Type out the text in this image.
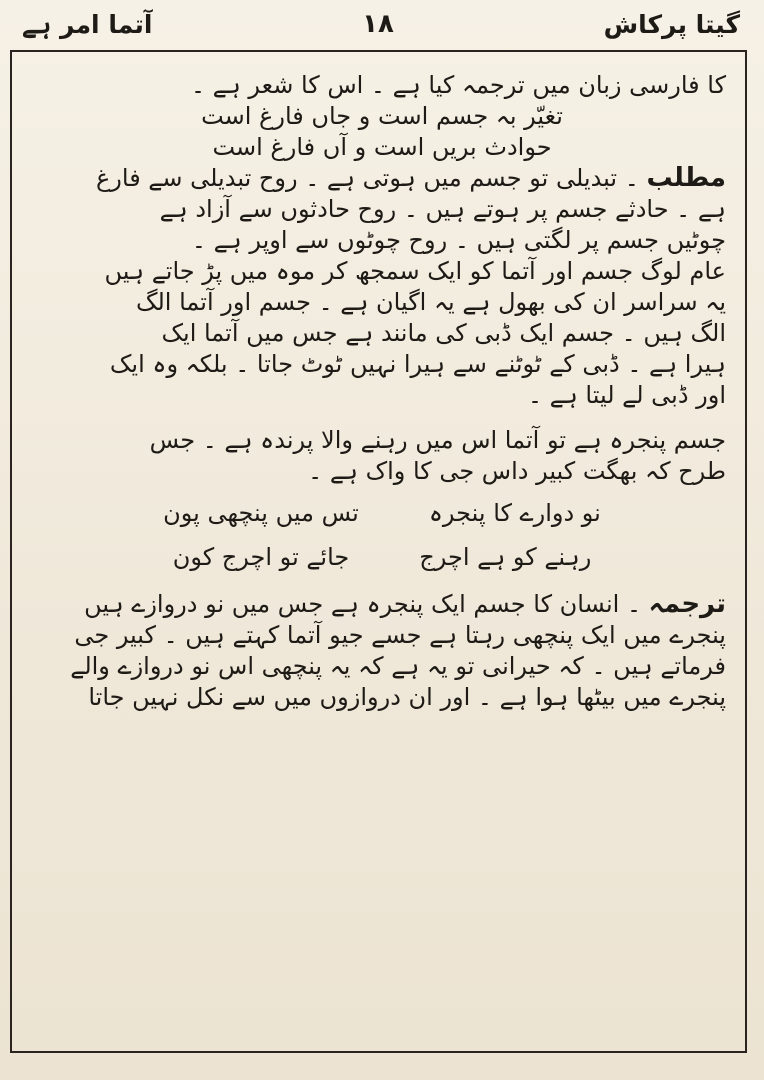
گیتا پرکاش
۱۸
آتما امر ہے

کا فارسی زبان میں ترجمہ کیا ہے ۔ اس کا شعر ہے ۔

تغیّر بہ جسم است و جاں فارغ است

حوادث بریں است و آں فارغ است

مطلب ۔ تبدیلی تو جسم میں ہوتی ہے ۔ روح تبدیلی سے فارغ

ہے ۔ حادثے جسم پر ہوتے ہیں ۔ روح حادثوں سے آزاد ہے

چوٹیں جسم پر لگتی ہیں ۔ روح چوٹوں سے اوپر ہے ۔

عام لوگ جسم اور آتما کو ایک سمجھ کر موہ میں پڑ جاتے ہیں

یہ سراسر ان کی بھول ہے یہ اگیان ہے ۔ جسم اور آتما الگ

الگ ہیں ۔ جسم ایک ڈبی کی مانند ہے جس میں آتما ایک

ہیرا ہے ۔ ڈبی کے ٹوٹنے سے ہیرا نہیں ٹوٹ جاتا ۔ بلکہ وہ ایک

اور ڈبی لے لیتا ہے ۔

جسم پنجرہ ہے تو آتما اس میں رہنے والا پرندہ ہے ۔ جس

طرح کہ بھگت کبیر داس جی کا واک ہے ۔

نو دوارے کا پنجرہ
تس میں پنچھی پون
رہنے کو ہے اچرج
جائے تو اچرج کون

ترجمہ ۔ انسان کا جسم ایک پنجرہ ہے جس میں نو دروازے ہیں

پنجرے میں ایک پنچھی رہتا ہے جسے جیو آتما کہتے ہیں ۔ کبیر جی

فرماتے ہیں ۔ کہ حیرانی تو یہ ہے کہ یہ پنچھی اس نو دروازے والے

پنجرے میں بیٹھا ہوا ہے ۔ اور ان دروازوں میں سے نکل نہیں جاتا
